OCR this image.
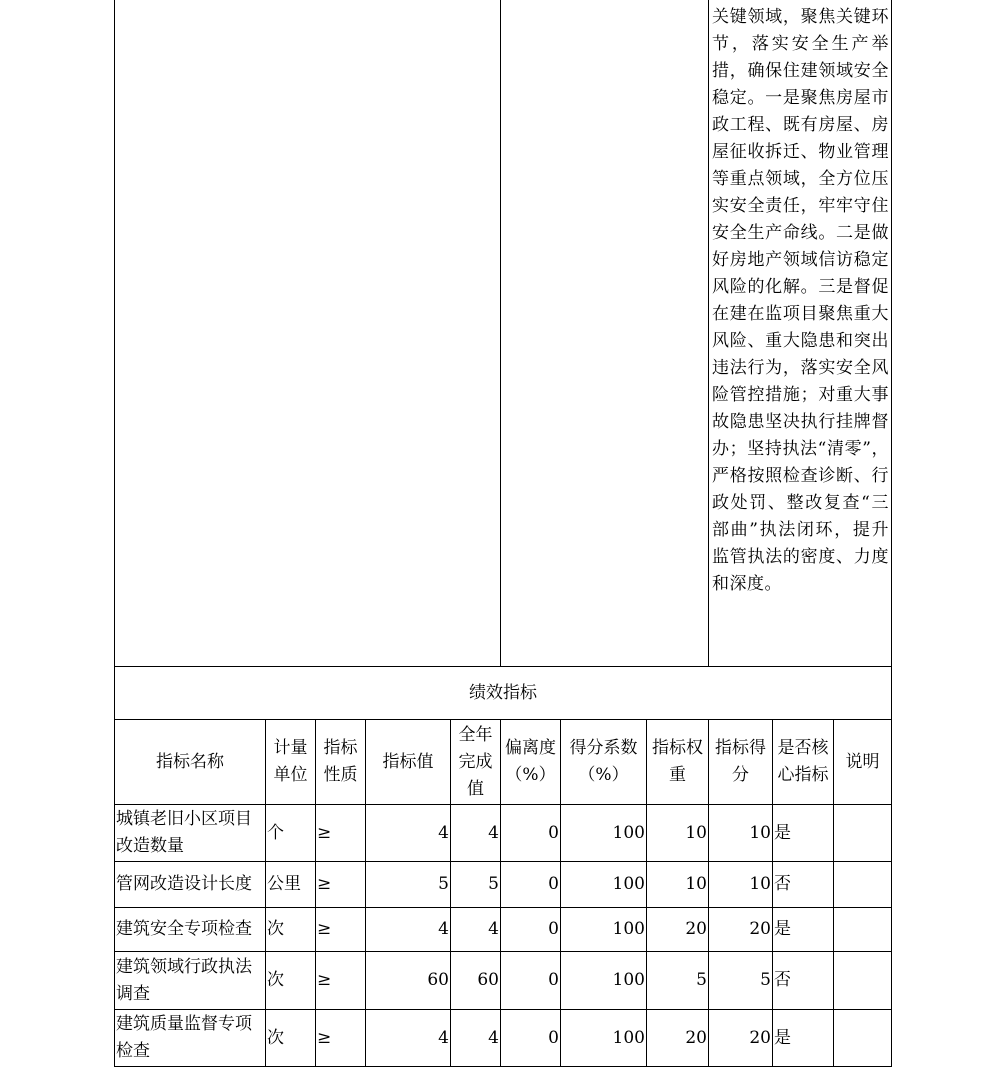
								关键领域，聚焦关键环节，落实安全生产举措，确保住建领域安全稳定。一是聚焦房屋市政工程、既有房屋、房屋征收拆迁、物业管理等重点领域，全方位压实安全责任，牢牢守住安全生产命线。二是做好房地产领域信访稳定风险的化解。三是督促在建在监项目聚焦重大风险、重大隐患和突出违法行为，落实安全风险管控措施；对重大事故隐患坚决执行挂牌督办；坚持执法“清零”，严格按照检查诊断、行政处罚、整改复查“三部曲”执法闭环，提升监管执法的密度、力度和深度。		
绩效指标										
指标名称	计量单位	指标性质	指标值	全年完成值	偏离度（%）	得分系数（%）	指标权重	指标得分	是否核心指标	说明
城镇老旧小区项目改造数量	个	≥	4	4	0	100	10	10	是	
管网改造设计长度	公里	≥	5	5	0	100	10	10	否	
建筑安全专项检查	次	≥	4	4	0	100	20	20	是	
建筑领域行政执法调查	次	≥	60	60	0	100	5	5	否	
建筑质量监督专项检查	次	≥	4	4	0	100	20	20	是	
